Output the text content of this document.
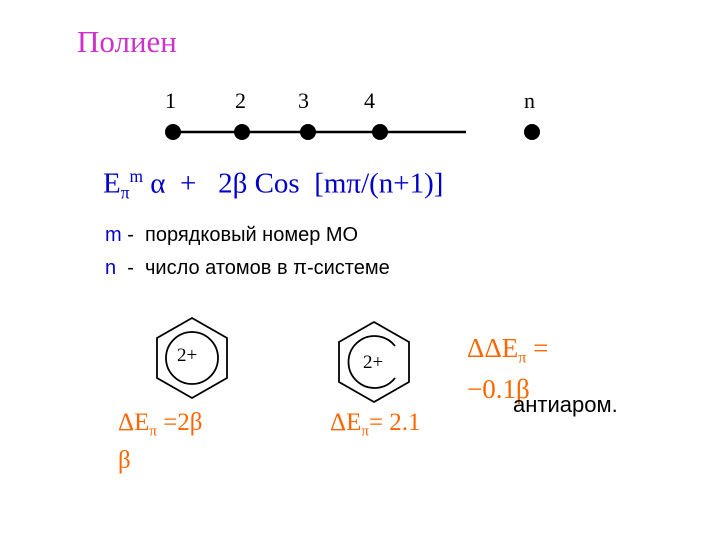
Полиен
1	2 3	4	n
$E_\pi^m$ α  +   2β Cos  [mπ/(n+1)]
m -  порядковый номер МО
n  -  число атомов в π-системе
2+	2+
$\Delta E_\pi =2\beta$
β
$\Delta E_\pi= 2.1$
$\Delta\Delta E_\pi$ =
−0.1β
антиаром.
